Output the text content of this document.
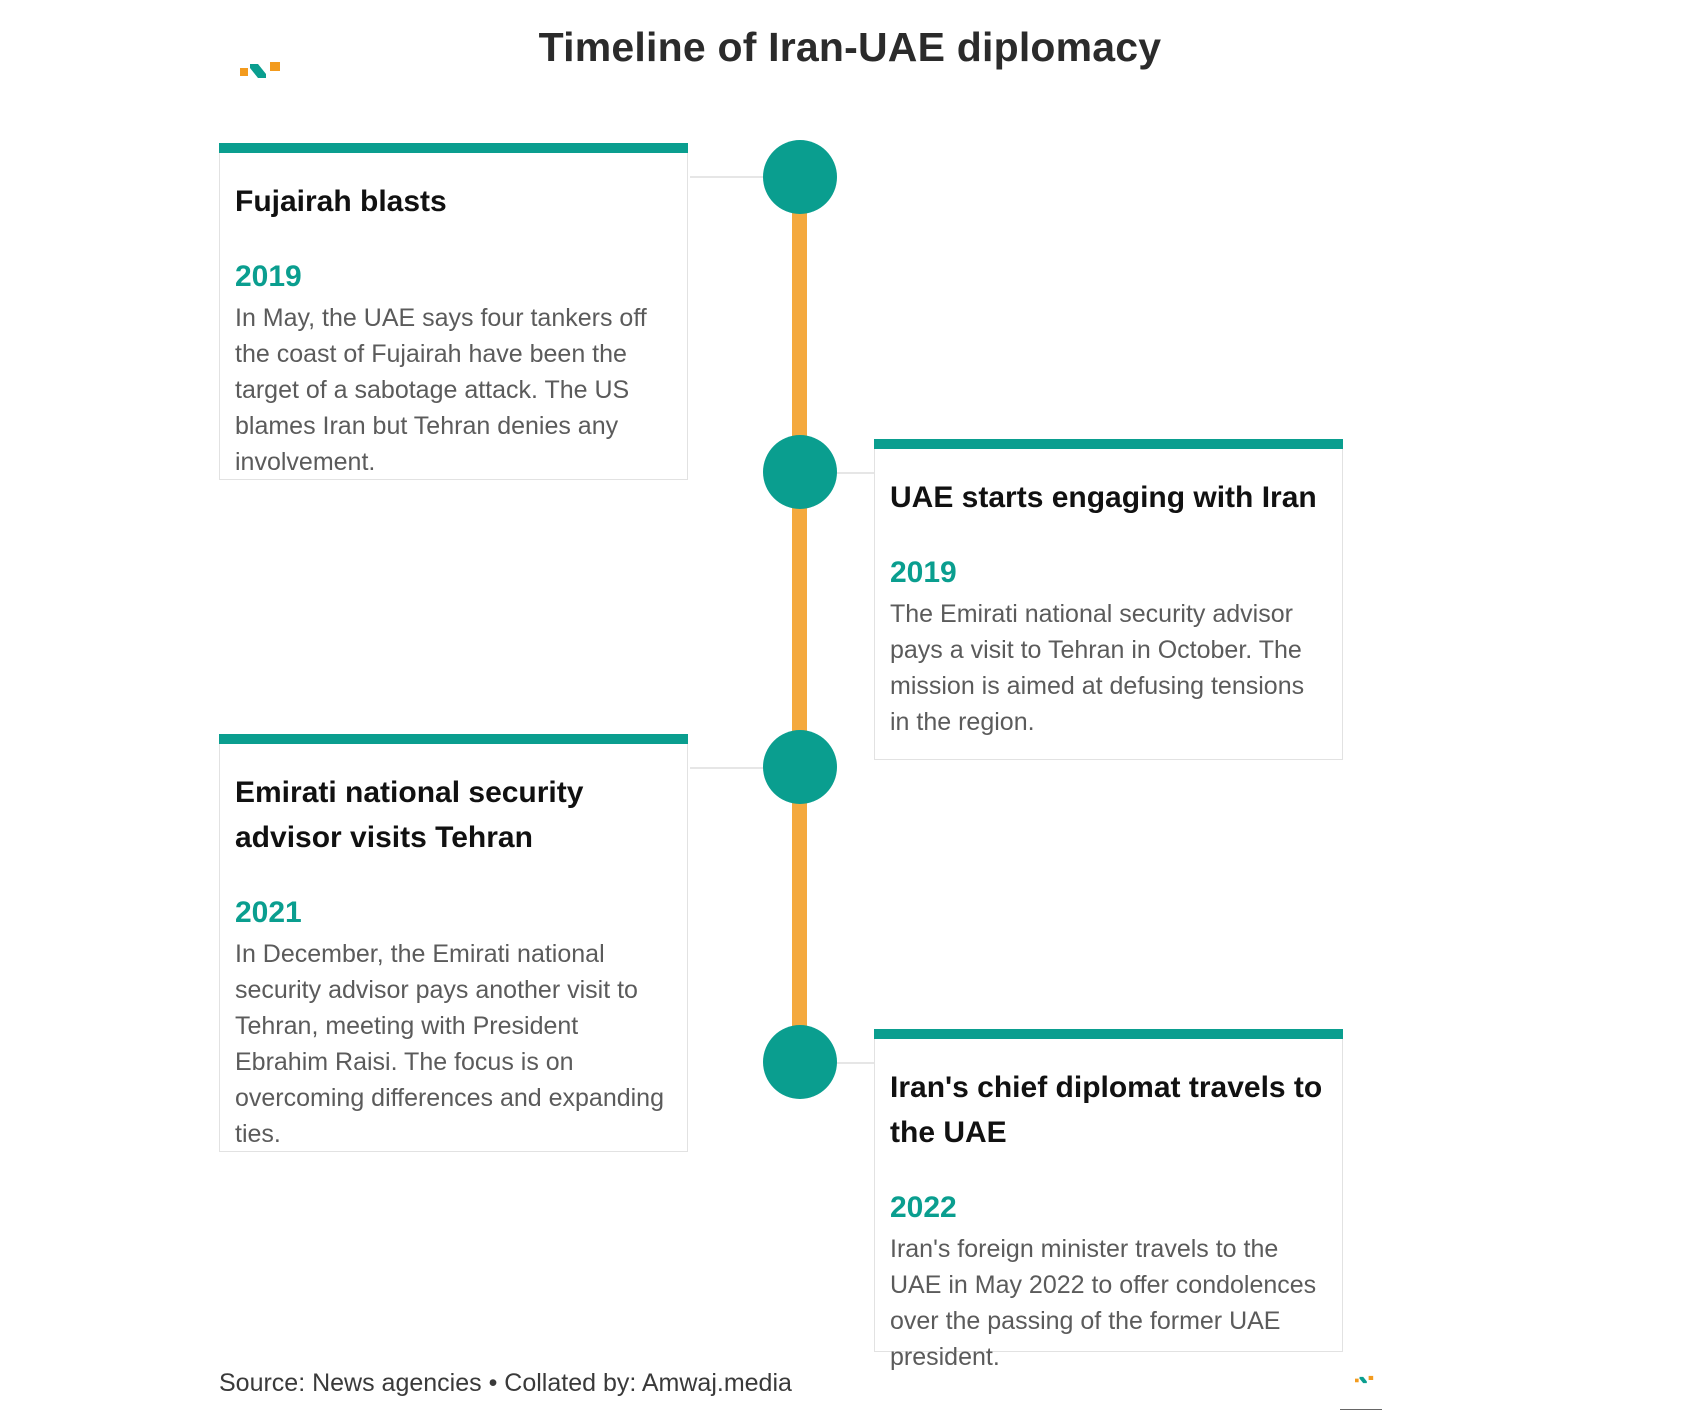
Timeline of Iran-UAE diplomacy
Fujairah blasts
2019

In May, the UAE says four tankers off the coast of Fujairah have been the target of a sabotage attack. The US blames Iran but Tehran denies any involvement.

UAE starts engaging with Iran
2019

The Emirati national security advisor pays a visit to Tehran in October. The mission is aimed at defusing tensions in the region.

Emirati national security advisor visits Tehran
2021

In December, the Emirati national security advisor pays another visit to Tehran, meeting with President Ebrahim Raisi. The focus is on overcoming differences and expanding ties.

Iran's chief diplomat travels to the UAE
2022

Iran's foreign minister travels to the UAE in May 2022 to offer condolences over the passing of the former UAE president.

Source: News agencies • Collated by: Amwaj.media
